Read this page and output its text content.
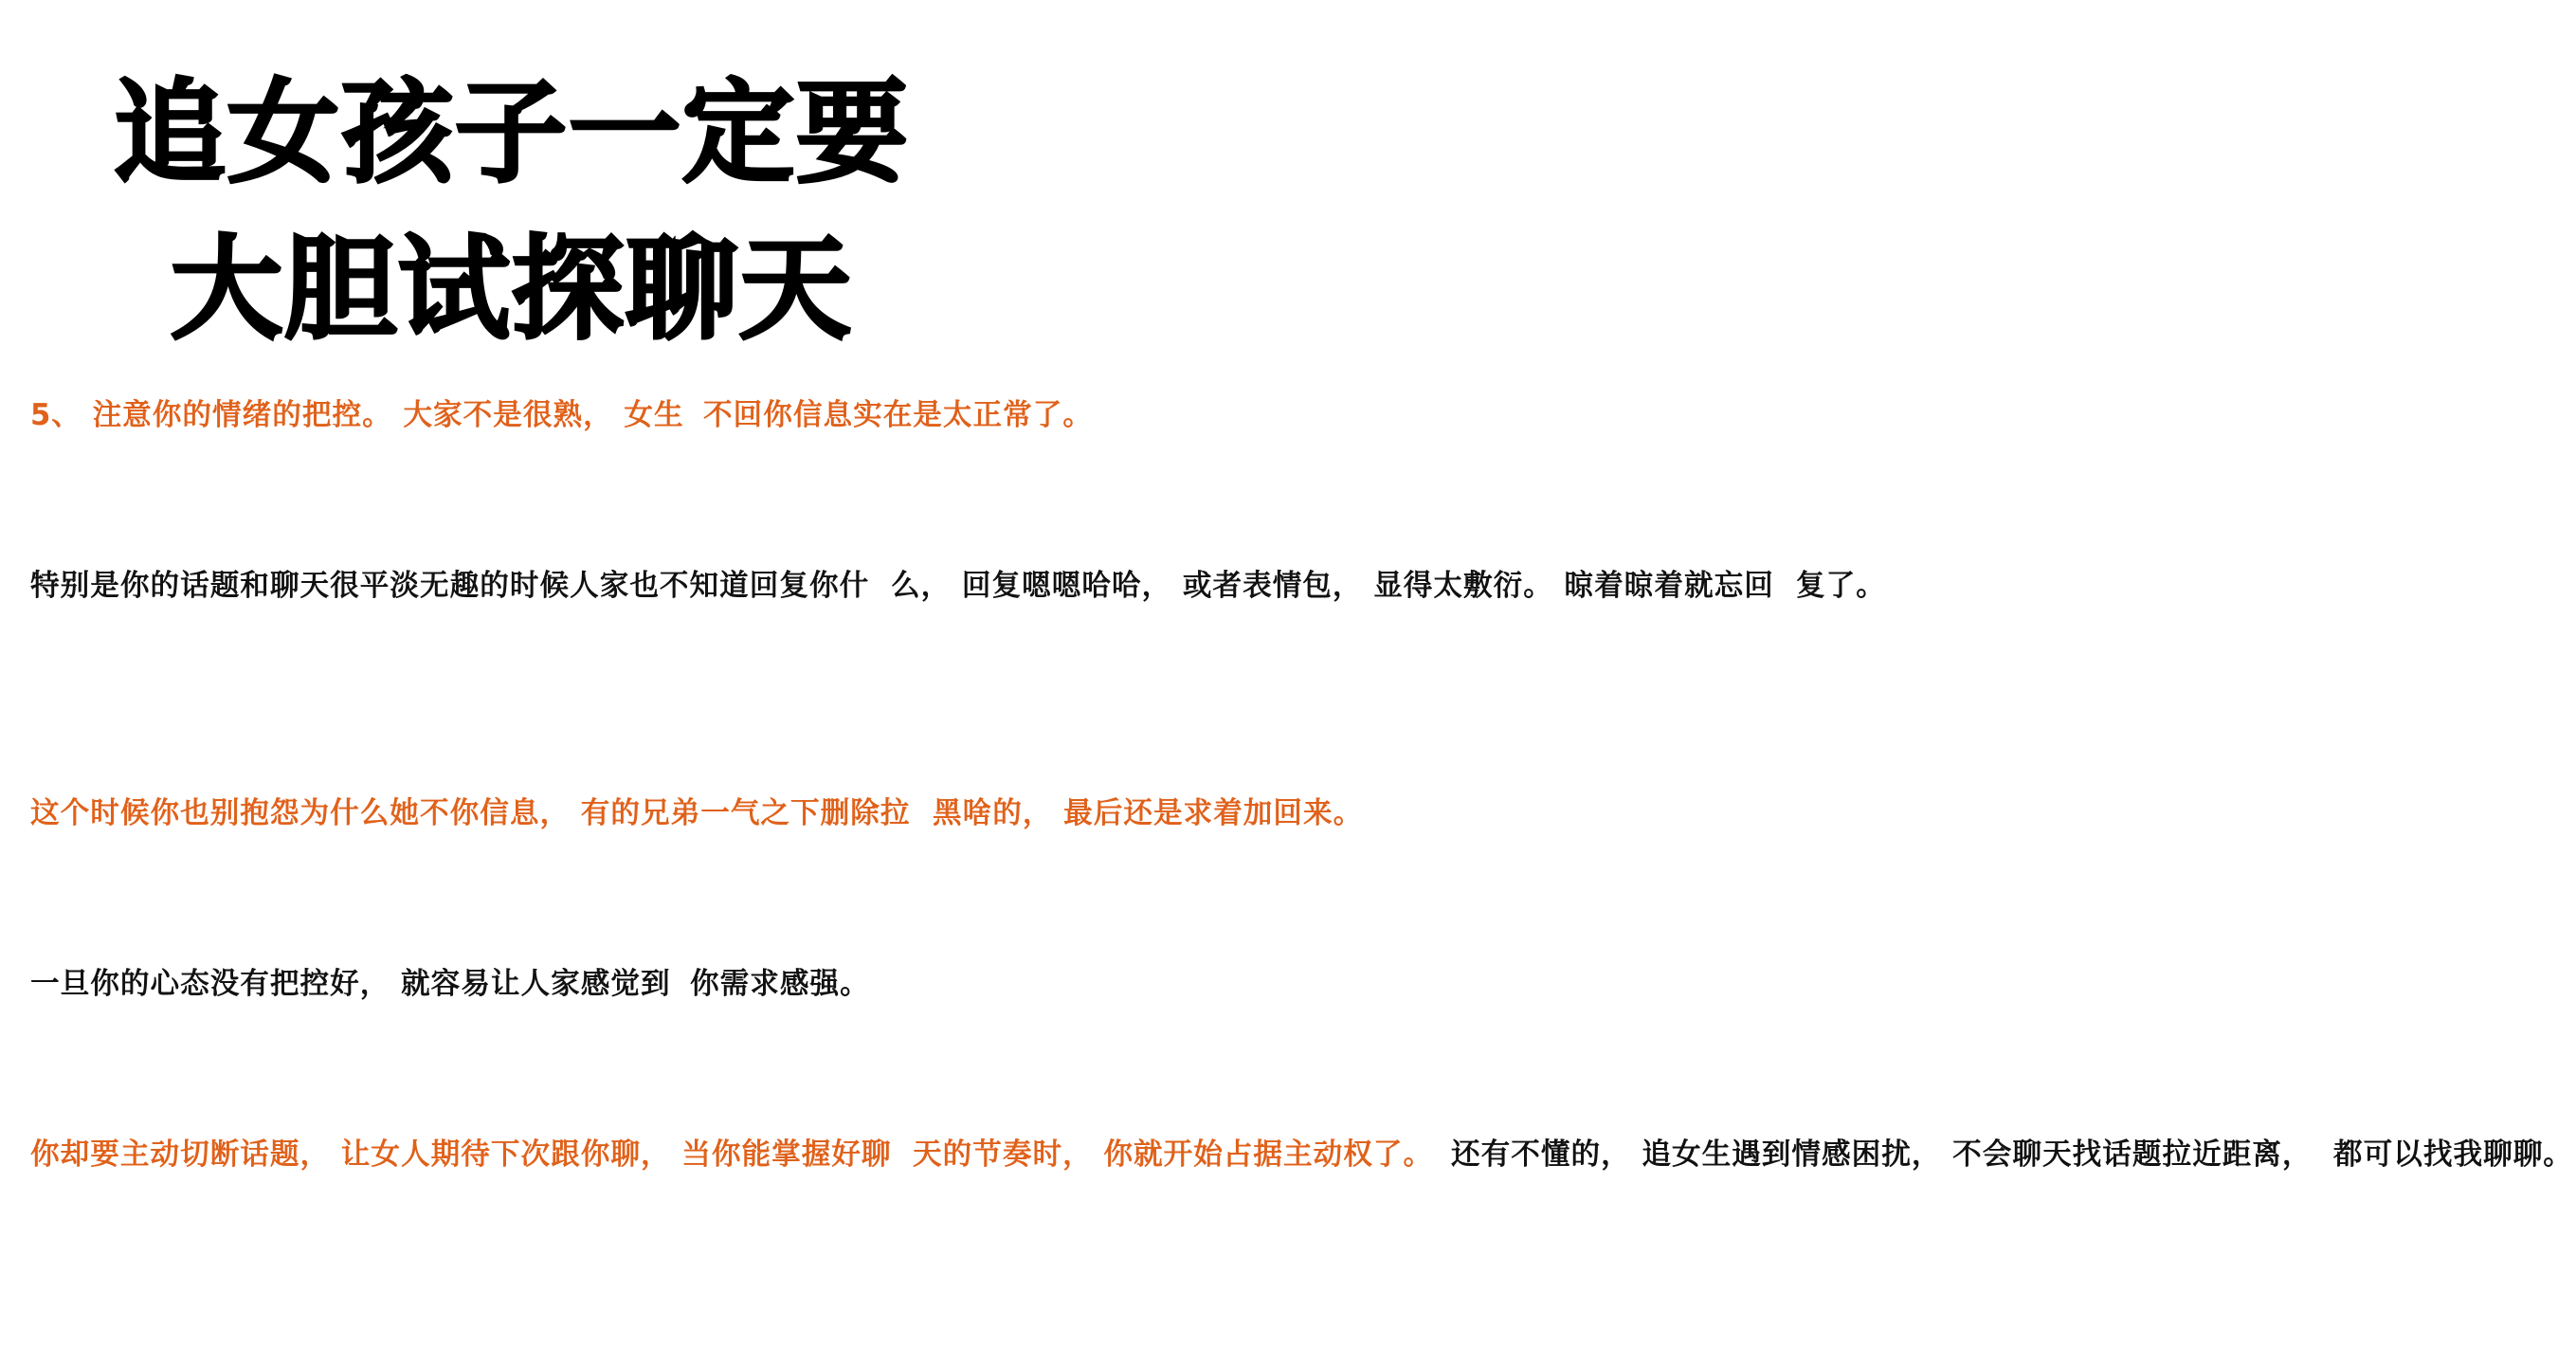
追女孩子一定要
大胆试探聊天
5、 注意你的情绪的把控。 大家不是很熟， 女生 不回你信息实在是太正常了。
特别是你的话题和聊天很平淡无趣的时候人家也不知道回复你什 么， 回复嗯嗯哈哈， 或者表情包， 显得太敷衍。 晾着晾着就忘回 复了。
这个时候你也别抱怨为什么她不你信息， 有的兄弟一气之下删除拉 黑啥的， 最后还是求着加回来。
一旦你的心态没有把控好， 就容易让人家感觉到 你需求感强。
你却要主动切断话题， 让女人期待下次跟你聊， 当你能掌握好聊 天的节奏时， 你就开始占据主动权了。 还有不懂的， 追女生遇到情感困扰， 不会聊天找话题拉近距离， 都可以找我聊聊。
